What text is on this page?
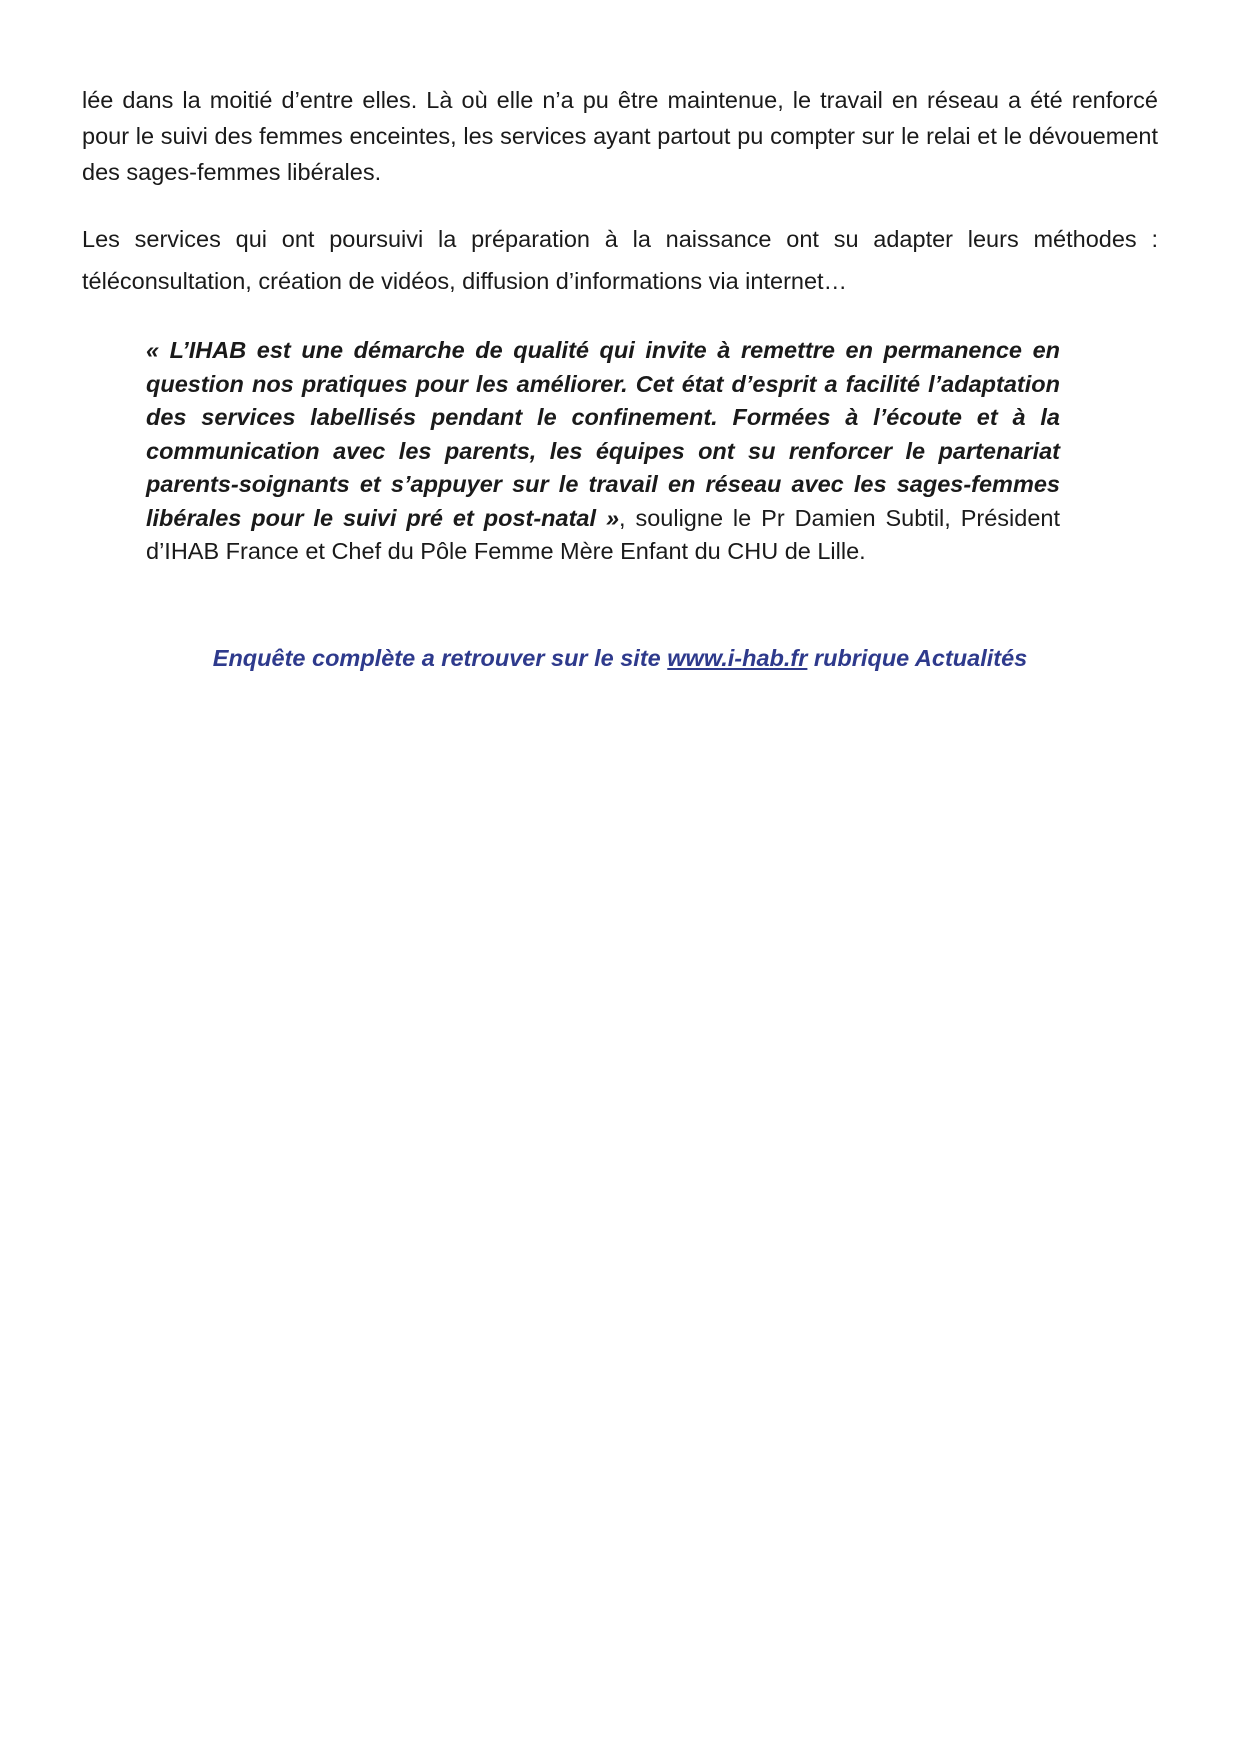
lée dans la moitié d’entre elles. Là où elle n’a pu être maintenue, le travail en réseau a été renforcé pour le suivi des femmes enceintes, les services ayant partout pu compter sur le relai et le dévouement des sages-femmes libérales.

Les services qui ont poursuivi la préparation à la naissance ont su adapter leurs méthodes : téléconsultation, création de vidéos, diffusion d’informations via internet…

« L’IHAB est une démarche de qualité qui invite à remettre en permanence en question nos pratiques pour les améliorer. Cet état d’esprit a facilité l’adaptation des services labellisés pendant le confinement. Formées à l’écoute et à la communication avec les parents, les équipes ont su renforcer le partenariat parents-soignants et s’appuyer sur le travail en réseau avec les sages-femmes libérales pour le suivi pré et post-natal », souligne le Pr Damien Subtil, Président d’IHAB France et Chef du Pôle Femme Mère Enfant du CHU de Lille.

Enquête complète a retrouver sur le site www.i-hab.fr rubrique Actualités
